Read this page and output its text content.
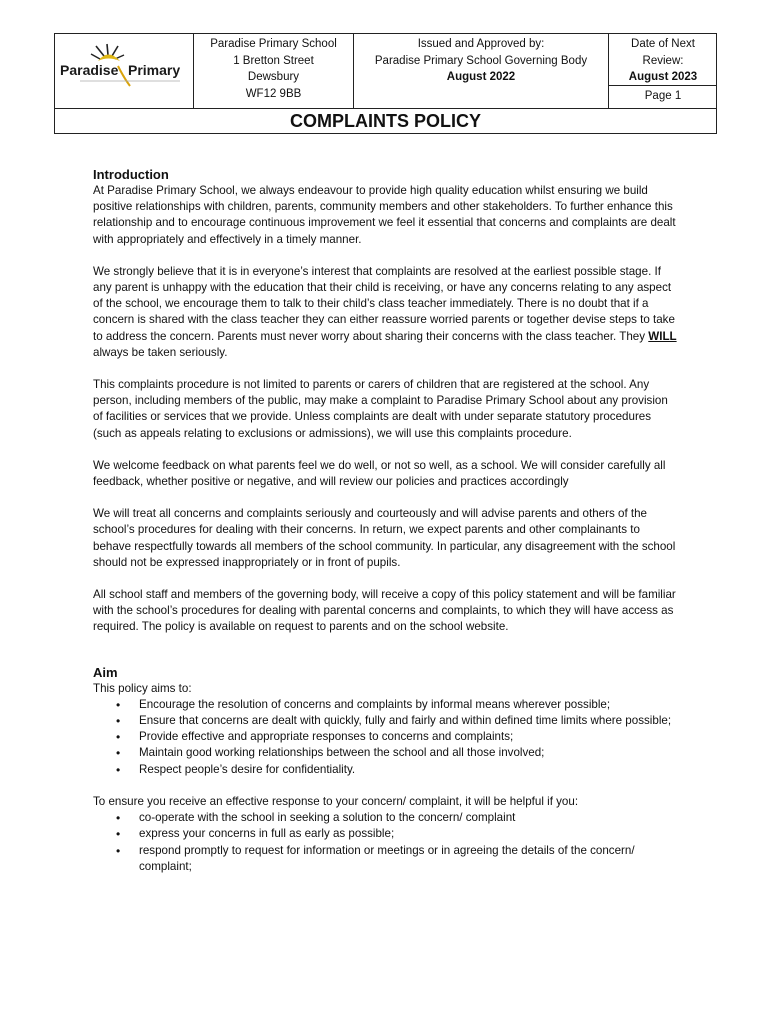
Paradise Primary
Paradise Primary School
1 Bretton Street
Dewsbury
WF12 9BB
Issued and Approved by:
Paradise Primary School Governing Body
August 2022
Date of Next
Review:
August 2023
Page 1
COMPLAINTS POLICY
Introduction

At Paradise Primary School, we always endeavour to provide high quality education whilst ensuring we build positive relationships with children, parents, community members and other stakeholders. To further enhance this relationship and to encourage continuous improvement we feel it essential that concerns and complaints are dealt with appropriately and effectively in a timely manner.

We strongly believe that it is in everyone’s interest that complaints are resolved at the earliest possible stage. If any parent is unhappy with the education that their child is receiving, or have any concerns relating to any aspect of the school, we encourage them to talk to their child’s class teacher immediately. There is no doubt that if a concern is shared with the class teacher they can either reassure worried parents or together devise steps to take to address the concern. Parents must never worry about sharing their concerns with the class teacher. They WILL always be taken seriously.

This complaints procedure is not limited to parents or carers of children that are registered at the school. Any person, including members of the public, may make a complaint to Paradise Primary School about any provision of facilities or services that we provide. Unless complaints are dealt with under separate statutory procedures (such as appeals relating to exclusions or admissions), we will use this complaints procedure.

We welcome feedback on what parents feel we do well, or not so well, as a school. We will consider carefully all feedback, whether positive or negative, and will review our policies and practices accordingly

We will treat all concerns and complaints seriously and courteously and will advise parents and others of the school’s procedures for dealing with their concerns. In return, we expect parents and other complainants to behave respectfully towards all members of the school community. In particular, any disagreement with the school should not be expressed inappropriately or in front of pupils.

All school staff and members of the governing body, will receive a copy of this policy statement and will be familiar with the school’s procedures for dealing with parental concerns and complaints, to which they will have access as required. The policy is available on request to parents and on the school website.

Aim

This policy aims to:

• Encourage the resolution of concerns and complaints by informal means wherever possible;
• Ensure that concerns are dealt with quickly, fully and fairly and within defined time limits where possible;
• Provide effective and appropriate responses to concerns and complaints;
• Maintain good working relationships between the school and all those involved;
• Respect people’s desire for confidentiality.

To ensure you receive an effective response to your concern/ complaint, it will be helpful if you:

• co-operate with the school in seeking a solution to the concern/ complaint
• express your concerns in full as early as possible;
• respond promptly to request for information or meetings or in agreeing the details of the concern/ complaint;
